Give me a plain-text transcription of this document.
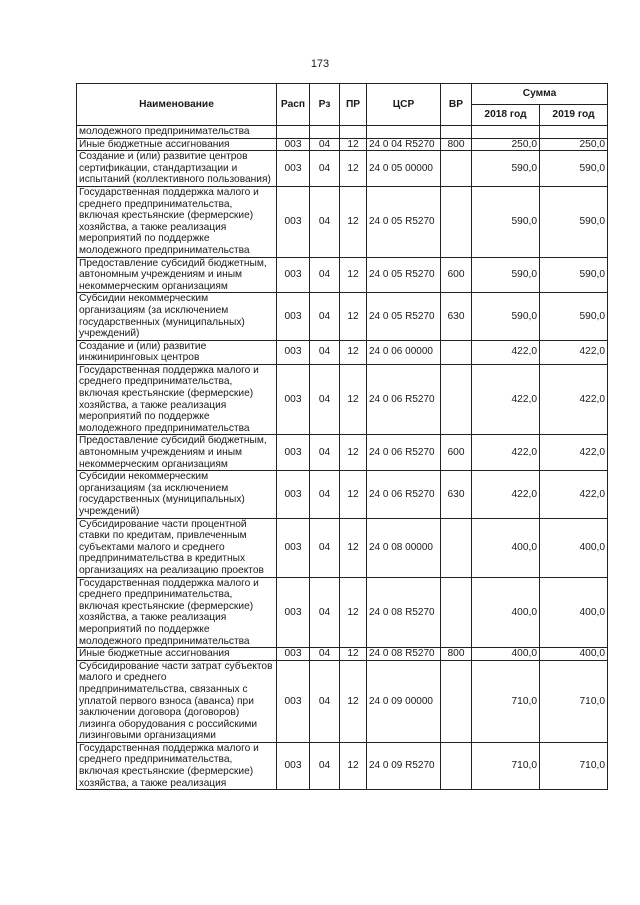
173
Наименование	Расп	Рз	ПР	ЦСР	ВР	Сумма	
						2018 год	2019 год
молодежного предпринимательства							
Иные бюджетные ассигнования	003	04	12	24 0 04 R5270	800	250,0	250,0
Создание и (или) развитие центров сертификации, стандартизации и испытаний (коллективного пользования)	003	04	12	24 0 05 00000		590,0	590,0
Государственная поддержка малого и среднего предпринимательства, включая крестьянские (фермерские) хозяйства, а также реализация мероприятий по поддержке молодежного предпринимательства	003	04	12	24 0 05 R5270		590,0	590,0
Предоставление субсидий бюджетным, автономным учреждениям и иным некоммерческим организациям	003	04	12	24 0 05 R5270	600	590,0	590,0
Субсидии некоммерческим организациям (за исключением государственных (муниципальных) учреждений)	003	04	12	24 0 05 R5270	630	590,0	590,0
Создание и (или) развитие инжиниринговых центров	003	04	12	24 0 06 00000		422,0	422,0
Государственная поддержка малого и среднего предпринимательства, включая крестьянские (фермерские) хозяйства, а также реализация мероприятий по поддержке молодежного предпринимательства	003	04	12	24 0 06 R5270		422,0	422,0
Предоставление субсидий бюджетным, автономным учреждениям и иным некоммерческим организациям	003	04	12	24 0 06 R5270	600	422,0	422,0
Субсидии некоммерческим организациям (за исключением государственных (муниципальных) учреждений)	003	04	12	24 0 06 R5270	630	422,0	422,0
Субсидирование части процентной ставки по кредитам, привлеченным субъектами малого и среднего предпринимательства в кредитных организациях на реализацию проектов	003	04	12	24 0 08 00000		400,0	400,0
Государственная поддержка малого и среднего предпринимательства, включая крестьянские (фермерские) хозяйства, а также реализация мероприятий по поддержке молодежного предпринимательства	003	04	12	24 0 08 R5270		400,0	400,0
Иные бюджетные ассигнования	003	04	12	24 0 08 R5270	800	400,0	400,0
Субсидирование части затрат субъектов малого и среднего предпринимательства, связанных с уплатой первого взноса (аванса) при заключении договора (договоров) лизинга оборудования с российскими лизинговыми организациями	003	04	12	24 0 09 00000		710,0	710,0
Государственная поддержка малого и среднего предпринимательства, включая крестьянские (фермерские) хозяйства, а также реализация	003	04	12	24 0 09 R5270		710,0	710,0
